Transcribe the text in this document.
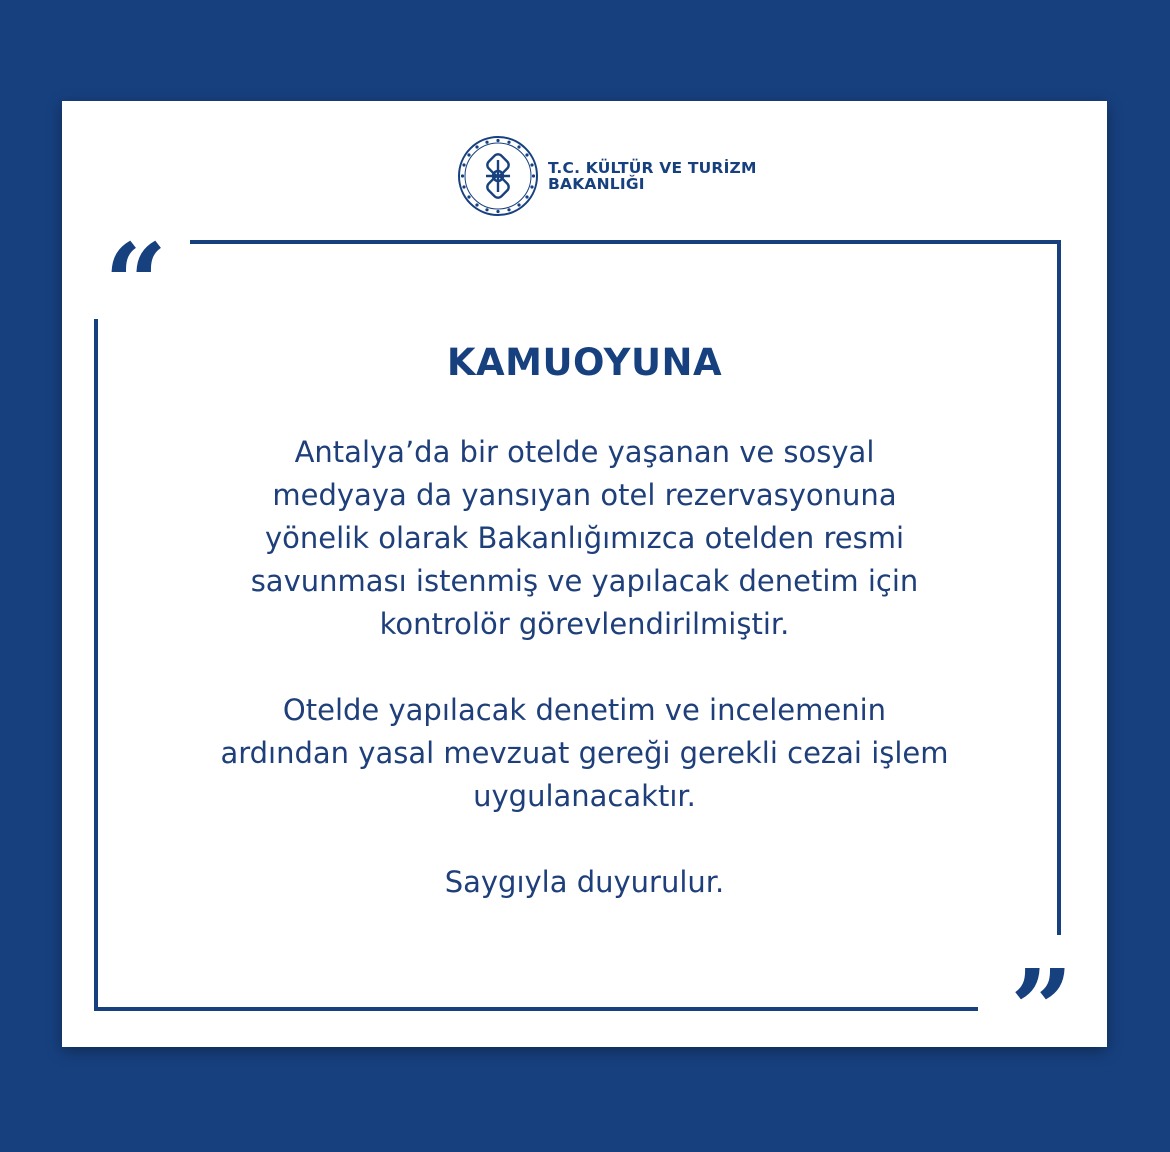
T.C. KÜLTÜR VE TURİZM
BAKANLIĞI
“
”
KAMUOYUNA
Antalya’da bir otelde yaşanan ve sosyal
medyaya da yansıyan otel rezervasyonuna
yönelik olarak Bakanlığımızca otelden resmi
savunması istenmiş ve yapılacak denetim için
kontrolör görevlendirilmiştir.
Otelde yapılacak denetim ve incelemenin
ardından yasal mevzuat gereği gerekli cezai işlem
uygulanacaktır.
Saygıyla duyurulur.
